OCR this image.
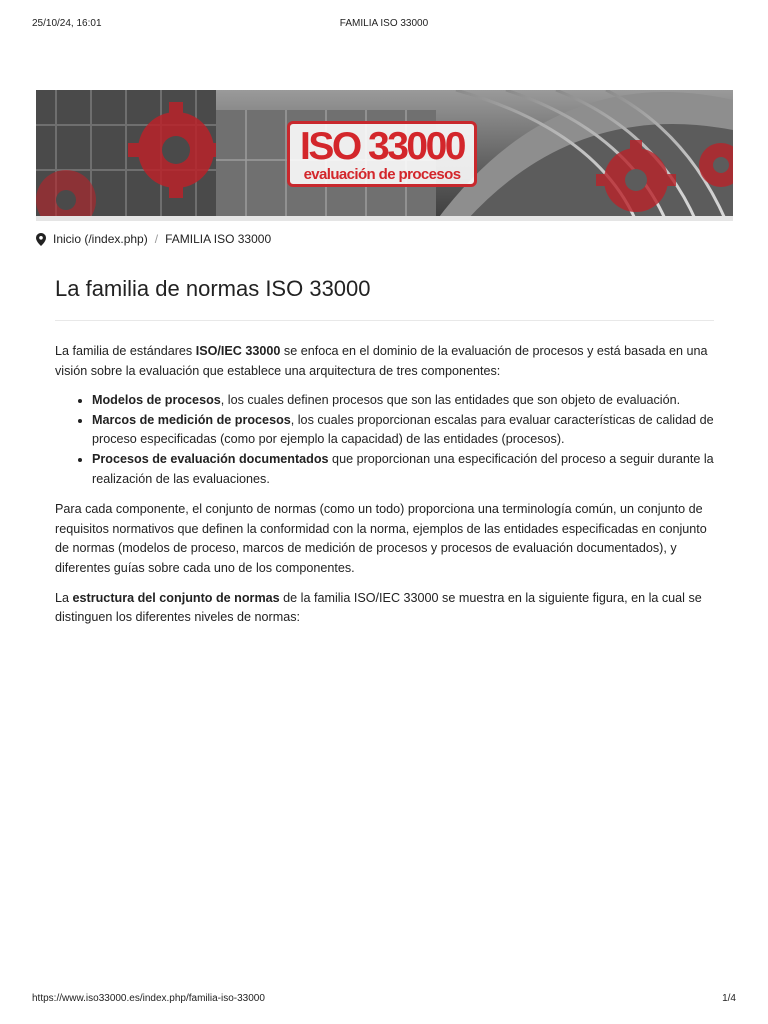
25/10/24, 16:01	FAMILIA ISO 33000
ISO 33000
evaluación de procesos
Inicio (/index.php) / FAMILIA ISO 33000
La familia de normas ISO 33000

La familia de estándares ISO/IEC 33000 se enfoca en el dominio de la evaluación de procesos y está basada en una visión sobre la evaluación que establece una arquitectura de tres componentes:

• Modelos de procesos, los cuales definen procesos que son las entidades que son objeto de evaluación.
• Marcos de medición de procesos, los cuales proporcionan escalas para evaluar características de calidad de proceso especificadas (como por ejemplo la capacidad) de las entidades (procesos).
• Procesos de evaluación documentados que proporcionan una especificación del proceso a seguir durante la realización de las evaluaciones.

Para cada componente, el conjunto de normas (como un todo) proporciona una terminología común, un conjunto de requisitos normativos que definen la conformidad con la norma, ejemplos de las entidades especificadas en conjunto de normas (modelos de proceso, marcos de medición de procesos y procesos de evaluación documentados), y diferentes guías sobre cada uno de los componentes.

La estructura del conjunto de normas de la familia ISO/IEC 33000 se muestra en la siguiente figura, en la cual se distinguen los diferentes niveles de normas:

https://www.iso33000.es/index.php/familia-iso-33000	1/4
